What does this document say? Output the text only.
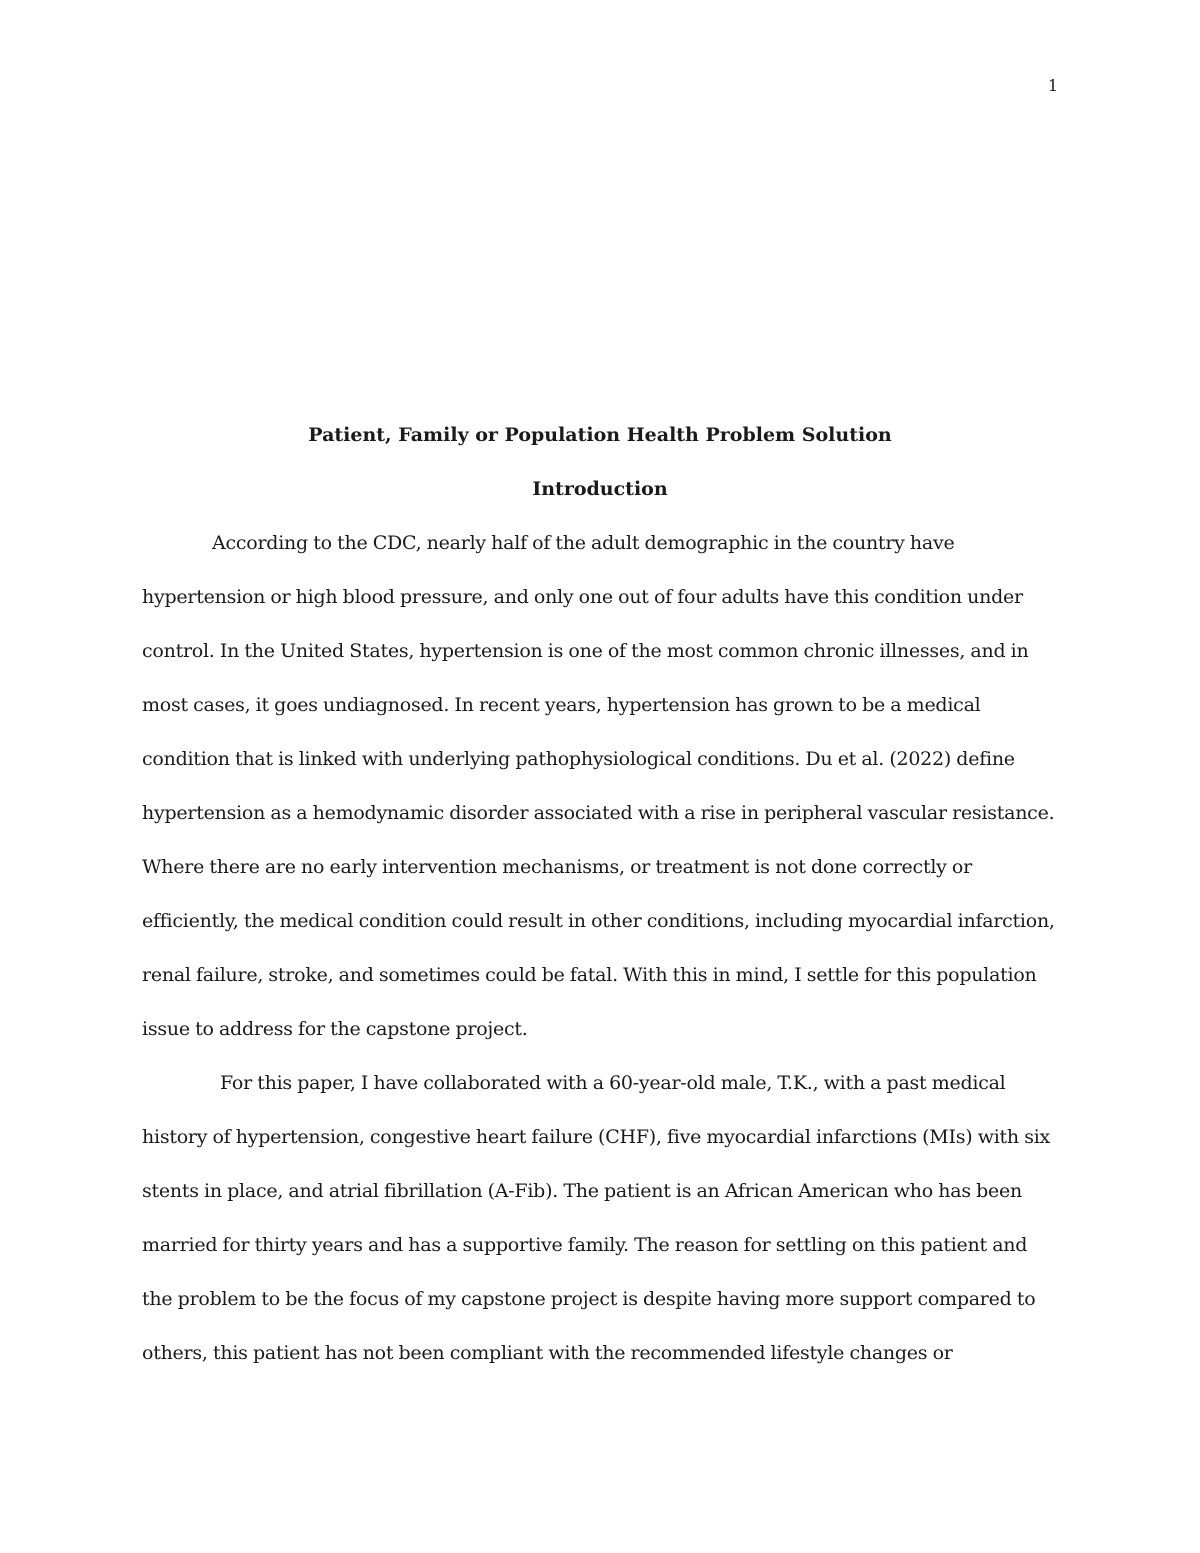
1

Patient, Family or Population Health Problem Solution

Introduction

According to the CDC, nearly half of the adult demographic in the country have hypertension or high blood pressure, and only one out of four adults have this condition under control. In the United States, hypertension is one of the most common chronic illnesses, and in most cases, it goes undiagnosed. In recent years, hypertension has grown to be a medical condition that is linked with underlying pathophysiological conditions. Du et al. (2022) define hypertension as a hemodynamic disorder associated with a rise in peripheral vascular resistance. Where there are no early intervention mechanisms, or treatment is not done correctly or efficiently, the medical condition could result in other conditions, including myocardial infarction, renal failure, stroke, and sometimes could be fatal. With this in mind, I settle for this population issue to address for the capstone project.

For this paper, I have collaborated with a 60-year-old male, T.K., with a past medical history of hypertension, congestive heart failure (CHF), five myocardial infarctions (MIs) with six stents in place, and atrial fibrillation (A-Fib). The patient is an African American who has been married for thirty years and has a supportive family. The reason for settling on this patient and the problem to be the focus of my capstone project is despite having more support compared to others, this patient has not been compliant with the recommended lifestyle changes or
